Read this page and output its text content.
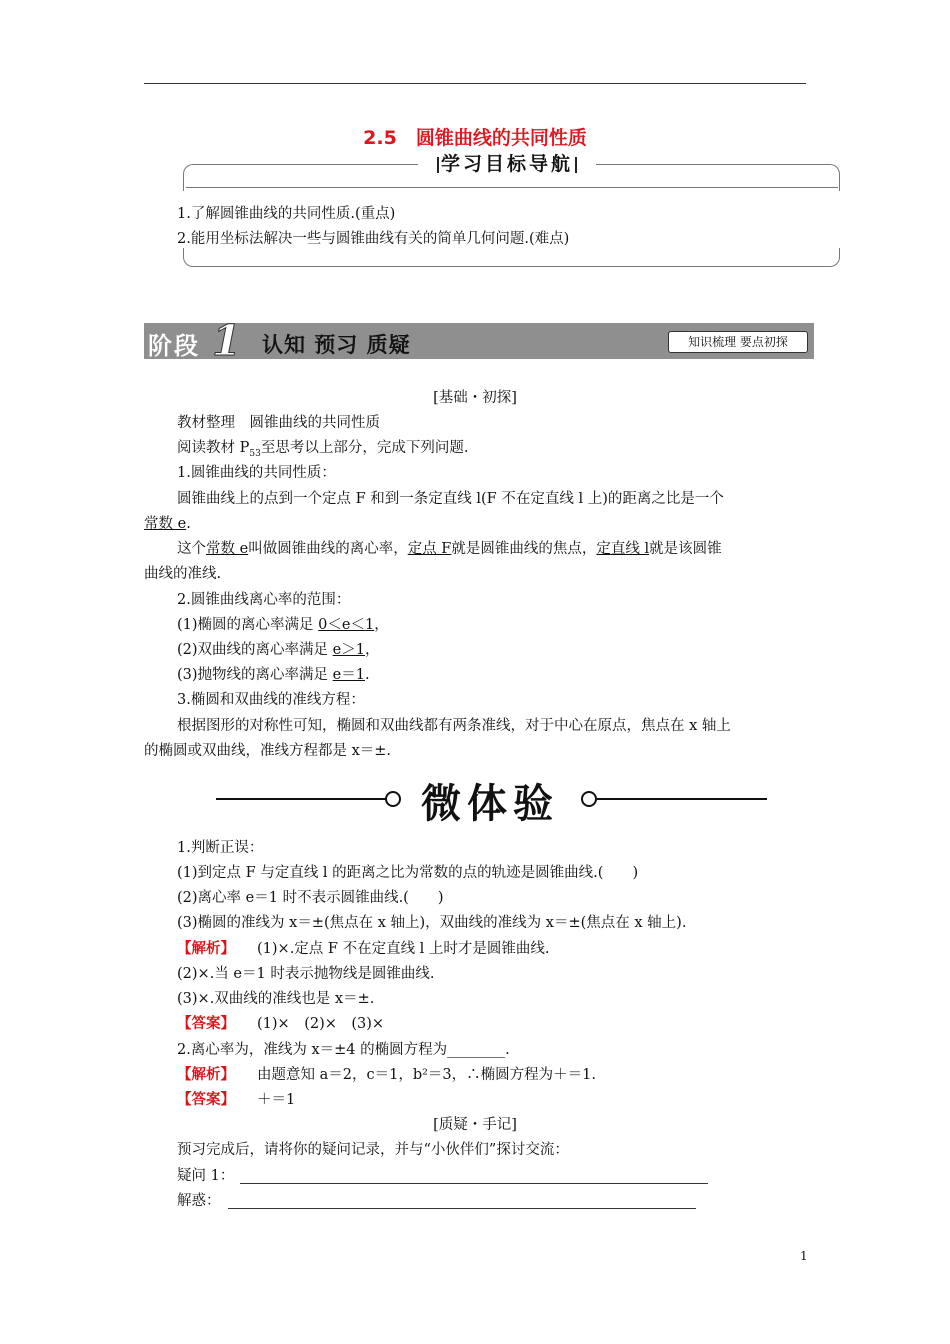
2.5　圆锥曲线的共同性质
学习目标导航
1.了解圆锥曲线的共同性质.(重点)
2.能用坐标法解决一些与圆锥曲线有关的简单几何问题.(难点)
阶段 1 认知 预习 质疑	知识梳理 要点初探
[基础・初探]
教材整理　圆锥曲线的共同性质
阅读教材 $P_{53}$至思考以上部分，完成下列问题.
1.圆锥曲线的共同性质：
圆锥曲线上的点到一个定点 F 和到一条定直线 l(F 不在定直线 l 上)的距离之比是一个
常数 e.
这个常数 e叫做圆锥曲线的离心率，定点 F就是圆锥曲线的焦点，定直线 l就是该圆锥
曲线的准线.
2.圆锥曲线离心率的范围：
(1)椭圆的离心率满足 0＜e＜1，
(2)双曲线的离心率满足 e＞1，
(3)抛物线的离心率满足 e＝1.
3.椭圆和双曲线的准线方程：
根据图形的对称性可知，椭圆和双曲线都有两条准线，对于中心在原点，焦点在 x 轴上
的椭圆或双曲线，准线方程都是 x＝±.
微体验
1.判断正误：
(1)到定点 F 与定直线 l 的距离之比为常数的点的轨迹是圆锥曲线.(　　)
(2)离心率 e＝1 时不表示圆锥曲线.(　　)
(3)椭圆的准线为 x＝±(焦点在 x 轴上)，双曲线的准线为 x＝±(焦点在 x 轴上).
【解析】 (1)×.定点 F 不在定直线 l 上时才是圆锥曲线.
(2)×.当 e＝1 时表示抛物线是圆锥曲线.
(3)×.双曲线的准线也是 x＝±.
【答案】 (1)×　(2)×　(3)×
2.离心率为，准线为 x＝±4 的椭圆方程为________.
【解析】 由题意知 a＝2，c＝1，b²＝3，∴椭圆方程为＋＝1.
【答案】 ＋＝1
[质疑・手记]
预习完成后，请将你的疑问记录，并与“小伙伴们”探讨交流：
疑问 1：
解惑：
1
